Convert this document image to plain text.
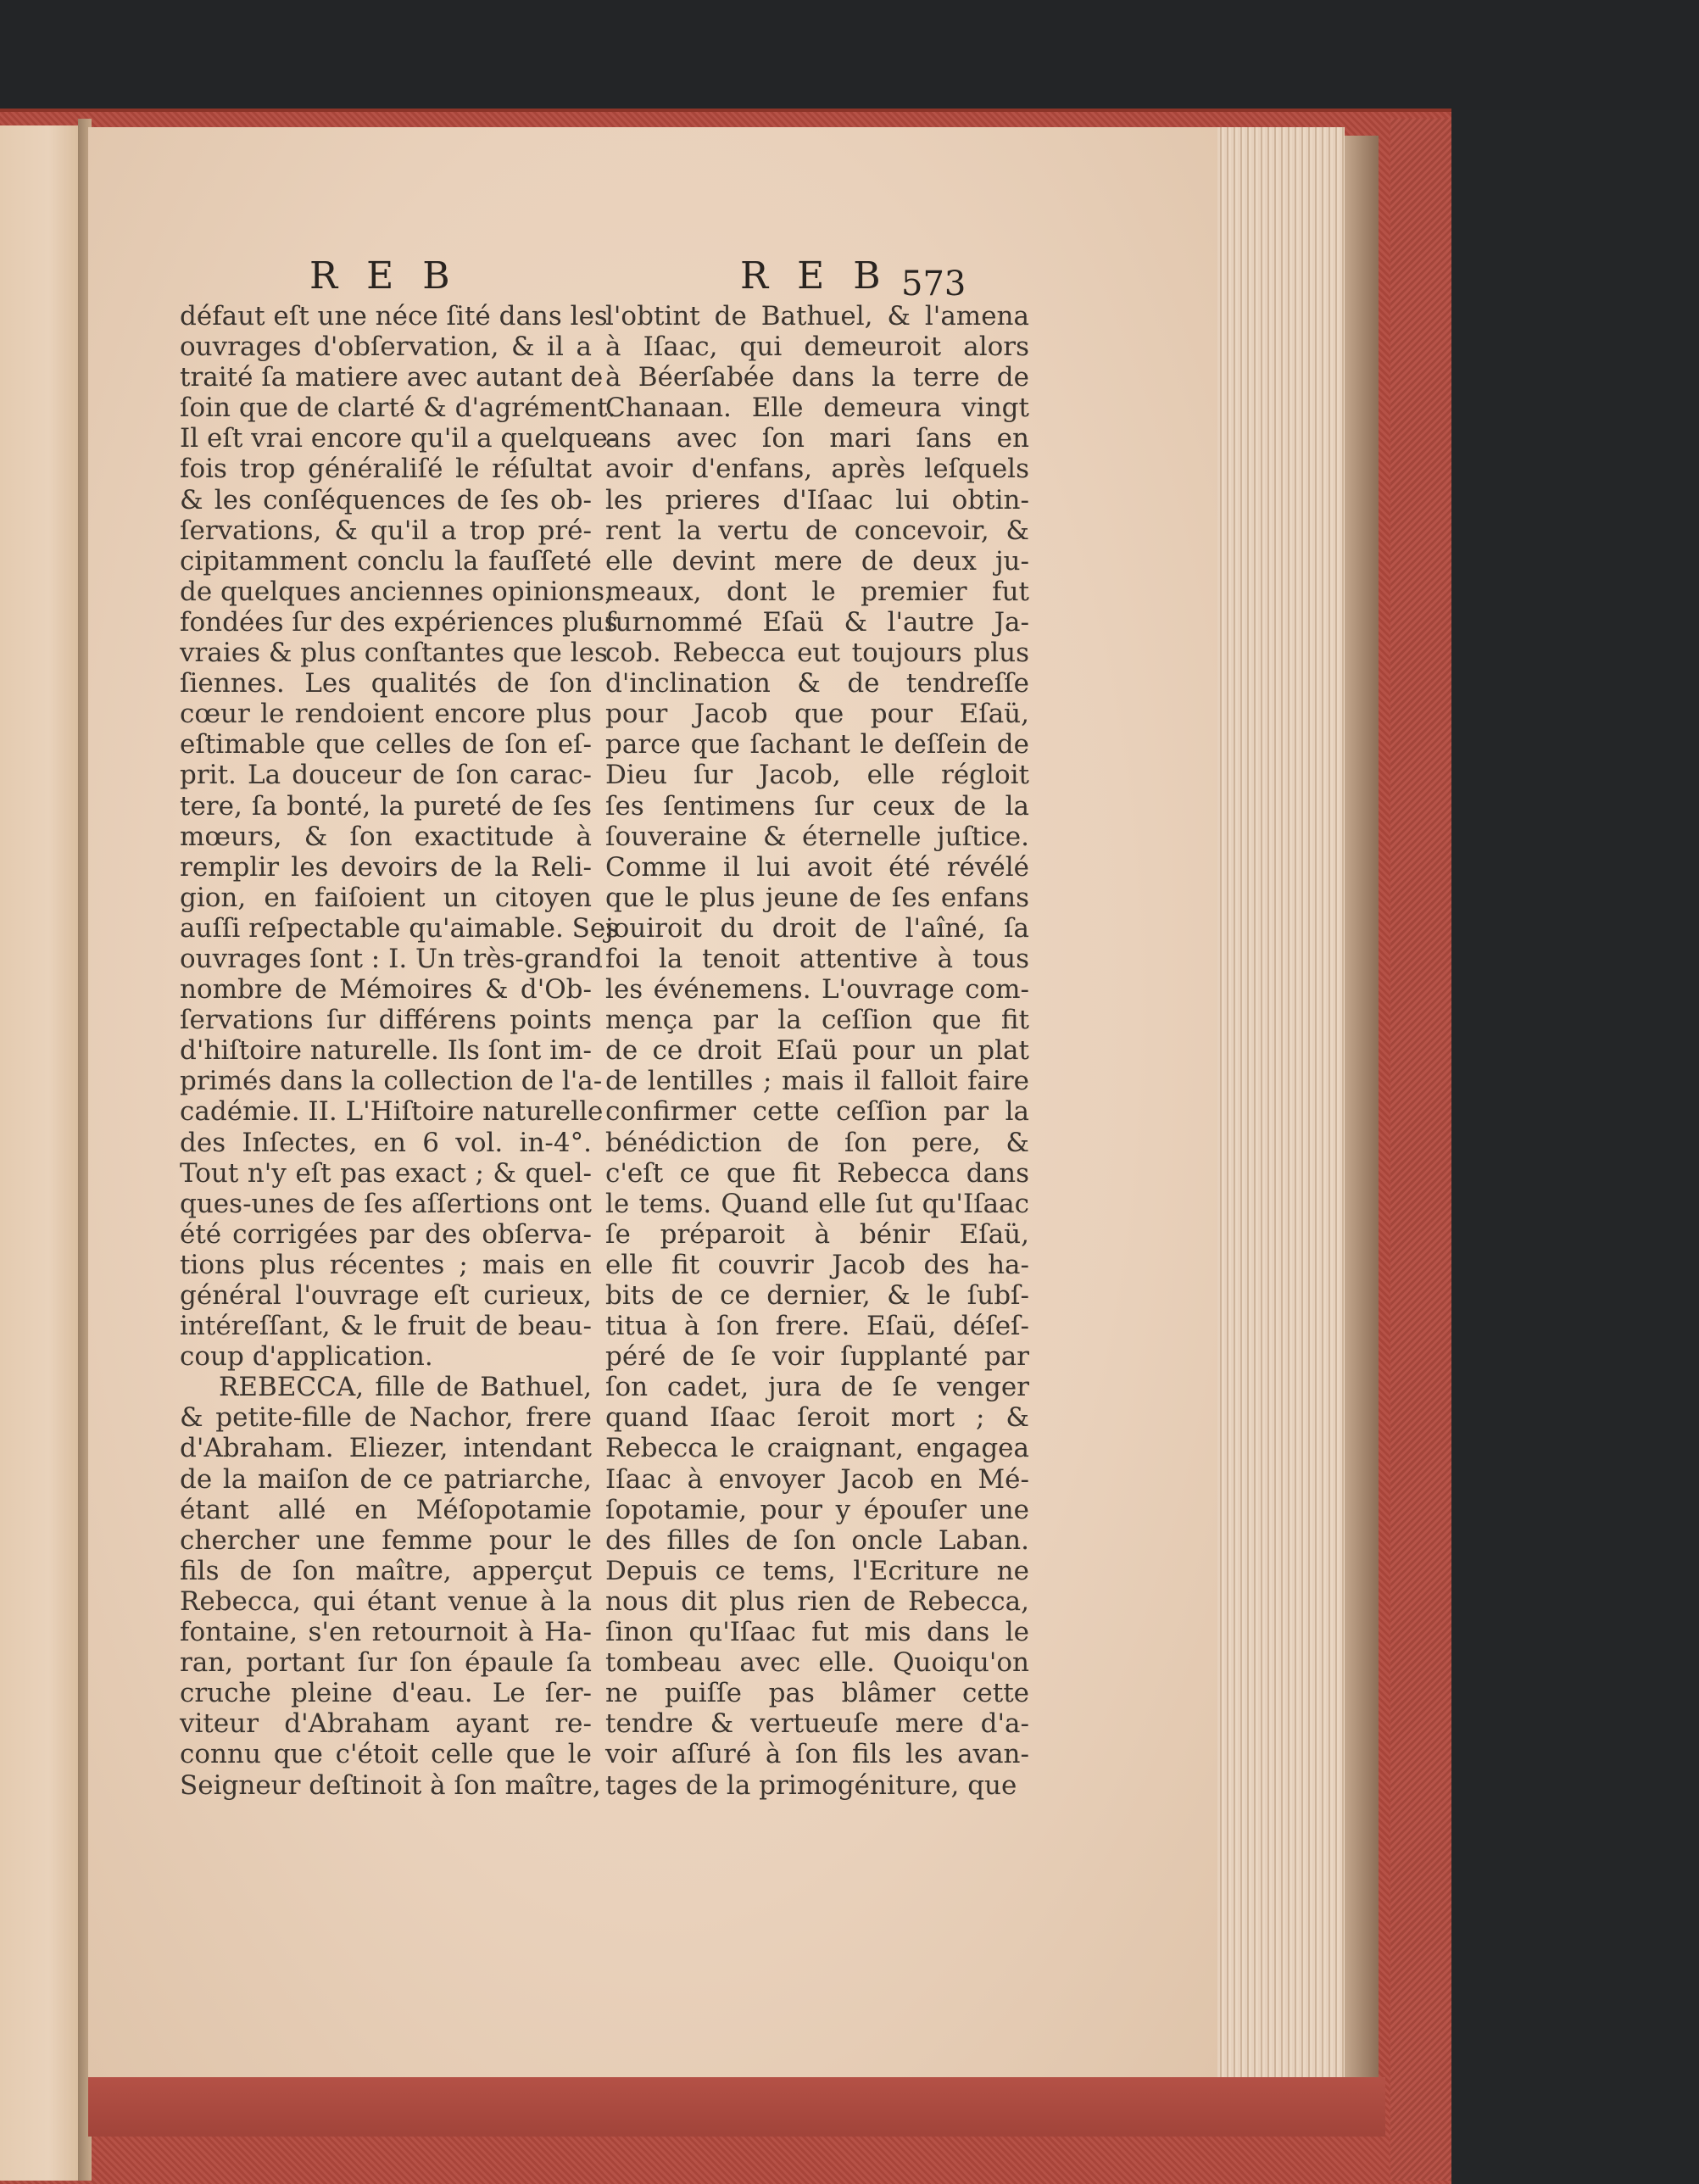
R E B	R E B 573
défaut eſt une néce ſité dans les
ouvrages d'obſervation, & il a
traité ſa matiere avec autant de
ſoin que de clarté & d'agrément.
Il eſt vrai encore qu'il a quelque-
fois trop généraliſé le réſultat
& les conſéquences de ſes ob-
ſervations, & qu'il a trop pré-
cipitamment conclu la fauſſeté
de quelques anciennes opinions,
fondées ſur des expériences plus
vraies & plus conſtantes que les
ſiennes. Les qualités de ſon
cœur le rendoient encore plus
eſtimable que celles de ſon eſ-
prit. La douceur de ſon carac-
tere, ſa bonté, la pureté de ſes
mœurs, & ſon exactitude à
remplir les devoirs de la Reli-
gion, en faiſoient un citoyen
auſſi reſpectable qu'aimable. Ses
ouvrages ſont : I. Un très-grand
nombre de Mémoires & d'Ob-
ſervations ſur différens points
d'hiſtoire naturelle. Ils ſont im-
primés dans la collection de l'a-
cadémie. II. L'Hiſtoire naturelle
des Inſectes, en 6 vol. in-4°.
Tout n'y eſt pas exact ; & quel-
ques-unes de ſes aſſertions ont
été corrigées par des obſerva-
tions plus récentes ; mais en
général l'ouvrage eſt curieux,
intéreſſant, & le fruit de beau-
coup d'application.
REBECCA, fille de Bathuel,
& petite-fille de Nachor, frere
d'Abraham. Eliezer, intendant
de la maiſon de ce patriarche,
étant allé en Méſopotamie
chercher une femme pour le
fils de ſon maître, apperçut
Rebecca, qui étant venue à la
fontaine, s'en retournoit à Ha-
ran, portant ſur ſon épaule ſa
cruche pleine d'eau. Le ſer-
viteur d'Abraham ayant re-
connu que c'étoit celle que le
Seigneur deſtinoit à ſon maître,
l'obtint de Bathuel, & l'amena
à Iſaac, qui demeuroit alors
à Béerſabée dans la terre de
Chanaan. Elle demeura vingt
ans avec ſon mari ſans en
avoir d'enfans, après leſquels
les prieres d'Iſaac lui obtin-
rent la vertu de concevoir, &
elle devint mere de deux ju-
meaux, dont le premier fut
ſurnommé Eſaü & l'autre Ja-
cob. Rebecca eut toujours plus
d'inclination & de tendreſſe
pour Jacob que pour Eſaü,
parce que ſachant le deſſein de
Dieu ſur Jacob, elle régloit
ſes ſentimens ſur ceux de la
ſouveraine & éternelle juſtice.
Comme il lui avoit été révélé
que le plus jeune de ſes enfans
jouiroit du droit de l'aîné, ſa
foi la tenoit attentive à tous
les événemens. L'ouvrage com-
mença par la ceſſion que fit
de ce droit Eſaü pour un plat
de lentilles ; mais il falloit faire
confirmer cette ceſſion par la
bénédiction de ſon pere, &
c'eſt ce que fit Rebecca dans
le tems. Quand elle ſut qu'Iſaac
ſe préparoit à bénir Eſaü,
elle fit couvrir Jacob des ha-
bits de ce dernier, & le ſubſ-
titua à ſon frere. Eſaü, déſeſ-
péré de ſe voir ſupplanté par
ſon cadet, jura de ſe venger
quand Iſaac ſeroit mort ; &
Rebecca le craignant, engagea
Iſaac à envoyer Jacob en Mé-
ſopotamie, pour y épouſer une
des filles de ſon oncle Laban.
Depuis ce tems, l'Ecriture ne
nous dit plus rien de Rebecca,
ſinon qu'Iſaac fut mis dans le
tombeau avec elle. Quoiqu'on
ne puiſſe pas blâmer cette
tendre & vertueuſe mere d'a-
voir aſſuré à ſon fils les avan-
tages de la primogéniture, que
